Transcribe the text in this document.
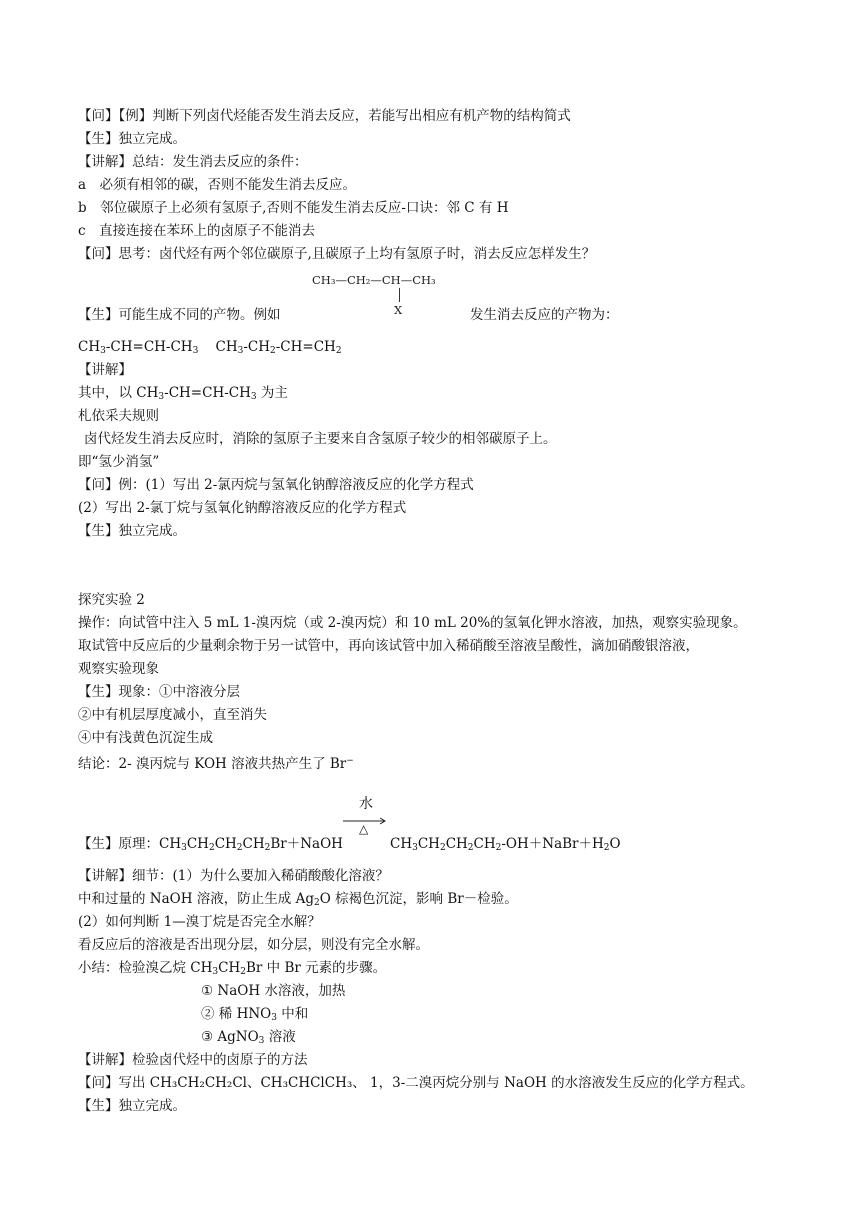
【问】【例】判断下列卤代烃能否发生消去反应，若能写出相应有机产物的结构简式
【生】独立完成。
【讲解】总结：发生消去反应的条件：
a　必须有相邻的碳，否则不能发生消去反应。
b　邻位碳原子上必须有氢原子,否则不能发生消去反应-口诀：邻 C 有 H
c　直接连接在苯环上的卤原子不能消去
【问】思考：卤代烃有两个邻位碳原子,且碳原子上均有氢原子时，消去反应怎样发生？
CH₃—CH₂—CH—CH₃
X
【生】可能生成不同的产物。例如	发生消去反应的产物为：
$CH_3-CH=CH-CH_3$ $CH_3-CH_2-CH=CH_2$
【讲解】
其中，以 $CH_3-CH=CH-CH_3$ 为主
札依采夫规则
卤代烃发生消去反应时，消除的氢原子主要来自含氢原子较少的相邻碳原子上。
即“氢少消氢”
【问】例：(1）写出 2-氯丙烷与氢氧化钠醇溶液反应的化学方程式
(2）写出 2-氯丁烷与氢氧化钠醇溶液反应的化学方程式
【生】独立完成。
探究实验 2
操作：向试管中注入 5 mL 1-溴丙烷（或 2-溴丙烷）和 10 mL 20%的氢氧化钾水溶液，加热，观察实验现象。
取试管中反应后的少量剩余物于另一试管中，再向该试管中加入稀硝酸至溶液呈酸性，滴加硝酸银溶液，
观察实验现象
【生】现象：①中溶液分层
②中有机层厚度减小，直至消失
④中有浅黄色沉淀生成
结论：2- 溴丙烷与 KOH 溶液共热产生了 Br−
【生】原理：$CH_3CH_2CH_2CH_2Br+NaOH$
水
△
$CH_3CH_2CH_2CH_2-OH+NaBr+H_2O$
【讲解】细节：(1）为什么要加入稀硝酸酸化溶液？
中和过量的 NaOH 溶液，防止生成 $Ag_2O$ 棕褐色沉淀，影响 Br－检验。
(2）如何判断 1—溴丁烷是否完全水解？
看反应后的溶液是否出现分层，如分层，则没有完全水解。
小结：检验溴乙烷 $CH_3CH_2Br$ 中 Br 元素的步骤。
① NaOH 水溶液，加热
② 稀 $HNO_3$ 中和
③ AgNO$_3$ 溶液
【讲解】检验卤代烃中的卤原子的方法
【问】写出 CH₃CH₂CH₂Cl、CH₃CHClCH₃、 1，3-二溴丙烷分别与 NaOH 的水溶液发生反应的化学方程式。
【生】独立完成。
